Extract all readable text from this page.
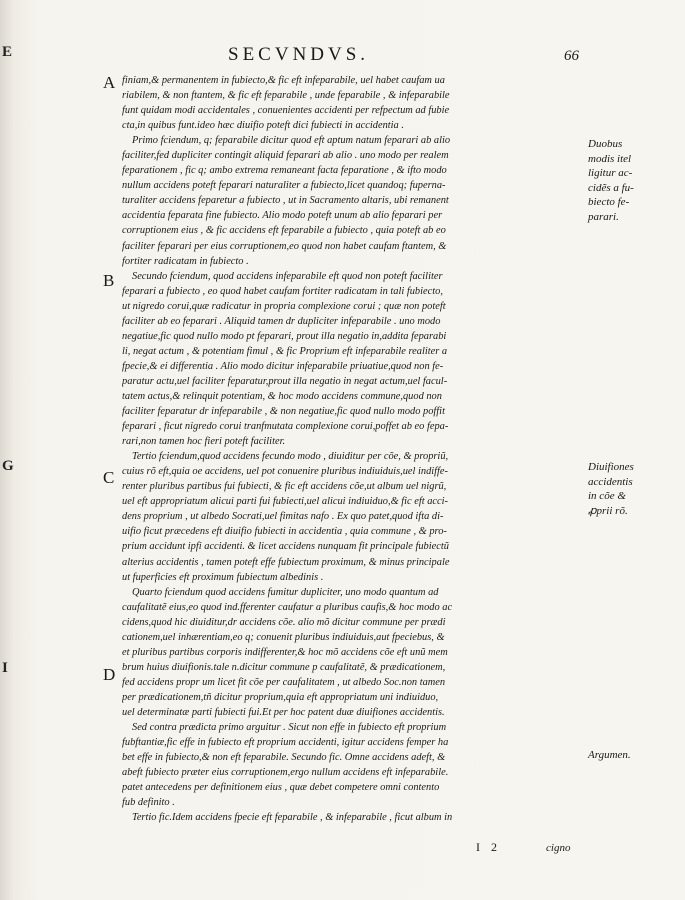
E
G
I
SECVNDVS.	66
A
B
C
D
finiam,& permanentem in fubiecto,& fic eft infeparabile, uel habet caufam ua
riabilem, & non ftantem, & fic eft feparabile , unde feparabile , & infeparabile
funt quidam modi accidentales , conuenientes accidenti per refpectum ad fubie
cta,in quibus funt.ideo hæc diuifio poteft dici fubiecti in accidentia .
Primo fciendum, q; feparabile dicitur quod eft aptum natum feparari ab alio
faciliter,fed dupliciter contingit aliquid feparari ab alio . uno modo per realem
feparationem , fic q; ambo extrema remaneant facta feparatione , & ifto modo
nullum accidens poteft feparari naturaliter a fubiecto,licet quandoq; fuperna-
turaliter accidens feparetur a fubiecto , ut in Sacramento altaris, ubi remanent
accidentia feparata fine fubiecto. Alio modo poteft unum ab alio feparari per
corruptionem eius , & fic accidens eft feparabile a fubiecto , quia poteft ab eo
faciliter feparari per eius corruptionem,eo quod non habet caufam ftantem, &
fortiter radicatam in fubiecto .
Secundo fciendum, quod accidens infeparabile eft quod non poteft faciliter
feparari a fubiecto , eo quod habet caufam fortiter radicatam in tali fubiecto,
ut nigredo corui,quæ radicatur in propria complexione corui ; quæ non poteft
faciliter ab eo feparari . Aliquid tamen dr dupliciter infeparabile . uno modo
negatiue,fic quod nullo modo pt feparari, prout illa negatio in,addita feparabi
li, negat actum , & potentiam fimul , & fic Proprium eft infeparabile realiter a
fpecie,& ei differentia . Alio modo dicitur infeparabile priuatiue,quod non fe-
paratur actu,uel faciliter feparatur,prout illa negatio in negat actum,uel facul-
tatem actus,& relinquit potentiam, & hoc modo accidens commune,quod non
faciliter feparatur dr infeparabile , & non negatiue,fic quod nullo modo poffit
feparari , ficut nigredo corui tranfmutata complexione corui,poffet ab eo fepa-
rari,non tamen hoc fieri poteft faciliter.
Tertio fciendum,quod accidens fecundo modo , diuiditur per cõe, & propriũ,
cuius rõ eft,quia oe accidens, uel pot conuenire pluribus indiuiduis,uel indiffe-
renter pluribus partibus fui fubiecti, & fic eft accidens cõe,ut album uel nigrũ,
uel eft appropriatum alicui parti fui fubiecti,uel alicui indiuiduo,& fic eft acci-
dens proprium , ut albedo Socrati,uel fimitas nafo . Ex quo patet,quod ifta di-
uifio ficut præcedens eft diuifio fubiecti in accidentia , quia commune , & pro-
prium accidunt ipfi accidenti. & licet accidens nunquam fit principale fubiectũ
alterius accidentis , tamen poteft effe fubiectum proximum, & minus principale
ut fuperficies eft proximum fubiectum albedinis .
Quarto fciendum quod accidens fumitur dupliciter, uno modo quantum ad
caufalitatẽ eius,eo quod ind.fferenter caufatur a pluribus caufis,& hoc modo ac
cidens,quod hic diuiditur,dr accidens cõe. alio mõ dicitur commune per prædi
cationem,uel inhærentiam,eo q; conuenit pluribus indiuiduis,aut fpeciebus, &
et pluribus partibus corporis indifferenter,& hoc mõ accidens cõe eft unũ mem
brum huius diuifionis.tale n.dicitur commune p caufalitatẽ, & prædicationem,
fed accidens propr um licet fit cõe per caufalitatem , ut albedo Soc.non tamen
per prædicationem,tñ dicitur proprium,quia eft appropriatum uni indiuiduo,
uel determinatæ parti fubiecti fui.Et per hoc patent duæ diuifiones accidentis.
Sed contra prædicta primo arguitur . Sicut non effe in fubiecto eft proprium
fubftantiæ,fic effe in fubiecto eft proprium accidenti, igitur accidens femper ha
bet effe in fubiecto,& non eft feparabile. Secundo fic. Omne accidens adeft, &
abeft fubiecto præter eius corruptionem,ergo nullum accidens eft infeparabile.
patet antecedens per definitionem eius , quæ debet competere omni contento
fub definito .
Tertio fic.Idem accidens fpecie eft feparabile , & infeparabile , ficut album in
Duobus
modis itel
ligitur ac-
cidẽs a fu-
biecto fe-
parari.
Diuifiones
accidentis
in cõe &
ꝓprii rõ.
Argumen.
I 2	cigno
